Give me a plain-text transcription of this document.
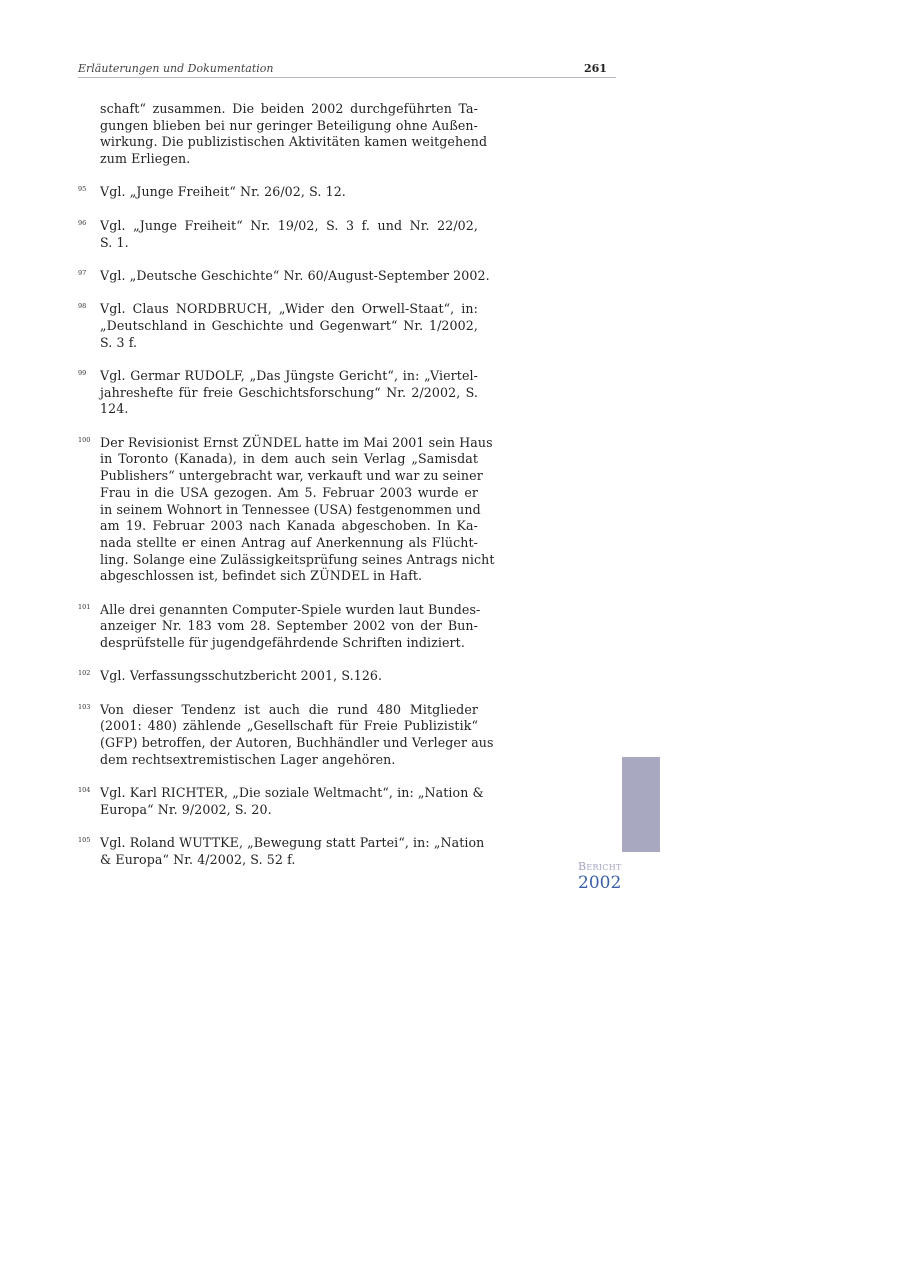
Erläuterungen und Dokumentation	261
schaft“ zusammen. Die beiden 2002 durchgeführten Ta-
gungen blieben bei nur geringer Beteiligung ohne Außen-
wirkung. Die publizistischen Aktivitäten kamen weitgehend
zum Erliegen.
95 Vgl. „Junge Freiheit“ Nr. 26/02, S. 12.
96 Vgl. „Junge Freiheit“ Nr. 19/02, S. 3 f. und Nr. 22/02,
S. 1.
97 Vgl. „Deutsche Geschichte“ Nr. 60/August-September 2002.
98 Vgl. Claus NORDBRUCH, „Wider den Orwell-Staat“, in:
„Deutschland in Geschichte und Gegenwart“ Nr. 1/2002,
S. 3 f.
99 Vgl. Germar RUDOLF, „Das Jüngste Gericht“, in: „Viertel-
jahreshefte für freie Geschichtsforschung“ Nr. 2/2002, S.
124.
100 Der Revisionist Ernst ZÜNDEL hatte im Mai 2001 sein Haus
in Toronto (Kanada), in dem auch sein Verlag „Samisdat
Publishers“ untergebracht war, verkauft und war zu seiner
Frau in die USA gezogen. Am 5. Februar 2003 wurde er
in seinem Wohnort in Tennessee (USA) festgenommen und
am 19. Februar 2003 nach Kanada abgeschoben. In Ka-
nada stellte er einen Antrag auf Anerkennung als Flücht-
ling. Solange eine Zulässigkeitsprüfung seines Antrags nicht
abgeschlossen ist, befindet sich ZÜNDEL in Haft.
101 Alle drei genannten Computer-Spiele wurden laut Bundes-
anzeiger Nr. 183 vom 28. September 2002 von der Bun-
desprüfstelle für jugendgefährdende Schriften indiziert.
102 Vgl. Verfassungsschutzbericht 2001, S.126.
103 Von dieser Tendenz ist auch die rund 480 Mitglieder
(2001: 480) zählende „Gesellschaft für Freie Publizistik“
(GFP) betroffen, der Autoren, Buchhändler und Verleger aus
dem rechtsextremistischen Lager angehören.
104 Vgl. Karl RICHTER, „Die soziale Weltmacht“, in: „Nation &
Europa“ Nr. 9/2002, S. 20.
105 Vgl. Roland WUTTKE, „Bewegung statt Partei“, in: „Nation
& Europa“ Nr. 4/2002, S. 52 f.	Bericht
2002
